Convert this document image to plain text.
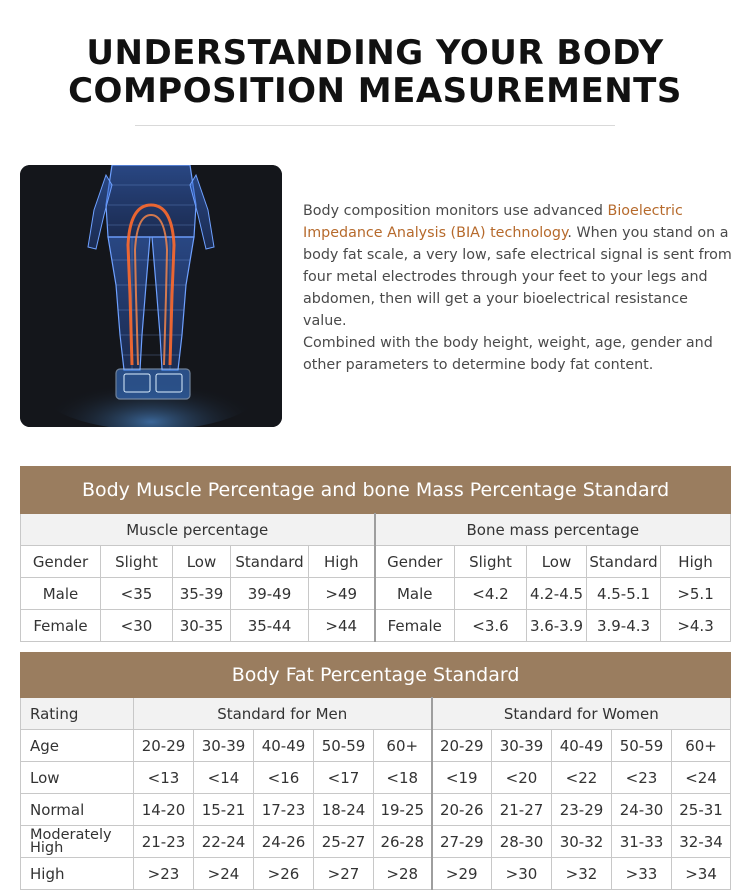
UNDERSTANDING YOUR BODY
COMPOSITION MEASUREMENTS

Body composition monitors use advanced Bioelectric Impedance Analysis (BIA) technology. When you stand on a body fat scale, a very low, safe electrical signal is sent from four metal electrodes through your feet to your legs and abdomen, then will get a your bioelectrical resistance value.

Combined with the body height, weight, age, gender and other parameters to determine body fat content.

Body Muscle Percentage and bone Mass Percentage Standard									
Muscle percentage					Bone mass percentage				
Gender	Slight	Low	Standard	High	Gender	Slight	Low	Standard	High
Male	<35	35-39	39-49	>49	Male	<4.2	4.2-4.5	4.5-5.1	>5.1
Female	<30	30-35	35-44	>44	Female	<3.6	3.6-3.9	3.9-4.3	>4.3
Body Fat Percentage Standard										
Rating	Standard for Men					Standard for Women				
Age	20-29	30-39	40-49	50-59	60+	20-29	30-39	40-49	50-59	60+
Low	<13	<14	<16	<17	<18	<19	<20	<22	<23	<24
Normal	14-20	15-21	17-23	18-24	19-25	20-26	21-27	23-29	24-30	25-31
Moderately High	21-23	22-24	24-26	25-27	26-28	27-29	28-30	30-32	31-33	32-34
High	>23	>24	>26	>27	>28	>29	>30	>32	>33	>34
